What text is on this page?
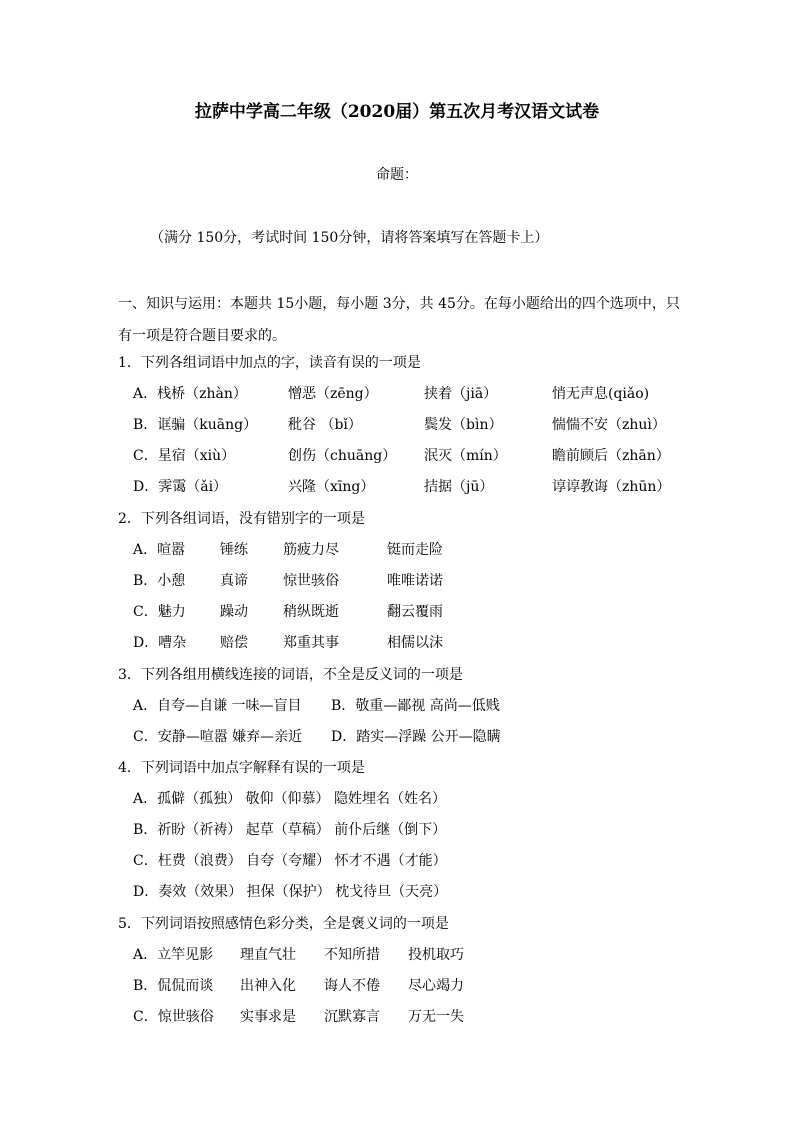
拉萨中学高二年级（2020届）第五次月考汉语文试卷
命题：
（满分 150分，考试时间 150分钟，请将答案填写在答题卡上）
一、知识与运用：本题共 15小题，每小题 3分，共 45分。在每小题给出的四个选项中，只有一项是符合题目要求的。
1．下列各组词语中加点的字，读音有误的一项是
A．栈桥（zhàn）	憎恶（zēng）	挟着（jiā）	悄无声息(qiǎo)
B．诓骗（kuāng） 秕谷 （bǐ）	鬓发（bìn）	惴惴不安（zhuì）
C．星宿（xiù）	创伤（chuāng） 泯灭（mín）	瞻前顾后（zhān）
D．霁霭（ǎi）	兴隆（xīng）	拮据（jū）	谆谆教诲（zhūn）
2．下列各组词语，没有错别字的一项是
A．喧嚣 锤练	筋疲力尽	铤而走险
B．小憩 真谛	惊世骇俗	唯唯诺诺
C．魅力 躁动	稍纵既逝	翻云覆雨
D．嘈杂 赔偿	郑重其事	相儒以沫
3．下列各组用横线连接的词语，不全是反义词的一项是
A．自夸—自谦 一味—盲目 B．敬重—鄙视 高尚—低贱
C．安静—喧嚣 嫌弃—亲近 D．踏实—浮躁 公开—隐瞒
4．下列词语中加点字解释有误的一项是
A．孤僻（孤独） 敬仰（仰慕） 隐姓埋名（姓名）
B．祈盼（祈祷） 起草（草稿） 前仆后继（倒下）
C．枉费（浪费） 自夸（夸耀） 怀才不遇（才能）
D．奏效（效果） 担保（保护） 枕戈待旦（天亮）
5．下列词语按照感情色彩分类，全是褒义词的一项是
A．立竿见影 理直气壮 不知所措 投机取巧
B．侃侃而谈 出神入化 诲人不倦 尽心竭力
C．惊世骇俗 实事求是 沉默寡言 万无一失
